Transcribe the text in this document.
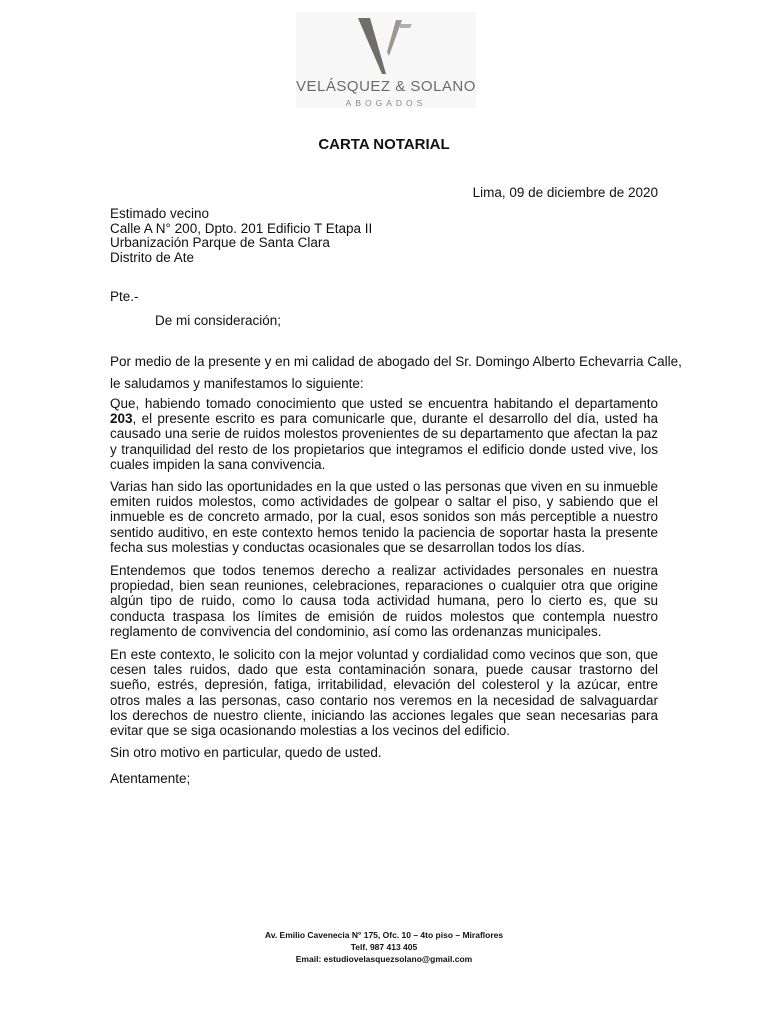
VELÁSQUEZ & SOLANO
ABOGADOS
CARTA NOTARIAL
Lima, 09 de diciembre de 2020
Estimado vecino
Calle A N° 200, Dpto. 201 Edificio T Etapa II
Urbanización Parque de Santa Clara
Distrito de Ate
Pte.-
De mi consideración;
Por medio de la presente y en mi calidad de abogado del Sr. Domingo Alberto Echevarria Calle,
le saludamos y manifestamos lo siguiente:
Que, habiendo tomado conocimiento que usted se encuentra habitando el departamento 203, el presente escrito es para comunicarle que, durante el desarrollo del día, usted ha causado una serie de ruidos molestos provenientes de su departamento que afectan la paz y tranquilidad del resto de los propietarios que integramos el edificio donde usted vive, los cuales impiden la sana convivencia.
Varias han sido las oportunidades en la que usted o las personas que viven en su inmueble emiten ruidos molestos, como actividades de golpear o saltar el piso, y sabiendo que el inmueble es de concreto armado, por la cual, esos sonidos son más perceptible a nuestro sentido auditivo, en este contexto hemos tenido la paciencia de soportar hasta la presente fecha sus molestias y conductas ocasionales que se desarrollan todos los días.
Entendemos que todos tenemos derecho a realizar actividades personales en nuestra propiedad, bien sean reuniones, celebraciones, reparaciones o cualquier otra que origine algún tipo de ruido, como lo causa toda actividad humana, pero lo cierto es, que su conducta traspasa los límites de emisión de ruidos molestos que contempla nuestro reglamento de convivencia del condominio, así como las ordenanzas municipales.
En este contexto, le solicito con la mejor voluntad y cordialidad como vecinos que son, que cesen tales ruidos, dado que esta contaminación sonara, puede causar trastorno del sueño, estrés, depresión, fatiga, irritabilidad, elevación del colesterol y la azúcar, entre otros males a las personas, caso contario nos veremos en la necesidad de salvaguardar los derechos de nuestro cliente, iniciando las acciones legales que sean necesarias para evitar que se siga ocasionando molestias a los vecinos del edificio.
Sin otro motivo en particular, quedo de usted.
Atentamente;
Av. Emilio Cavenecia N° 175, Ofc. 10 – 4to piso – Miraflores
Telf. 987 413 405
Email: estudiovelasquezsolano@gmail.com
